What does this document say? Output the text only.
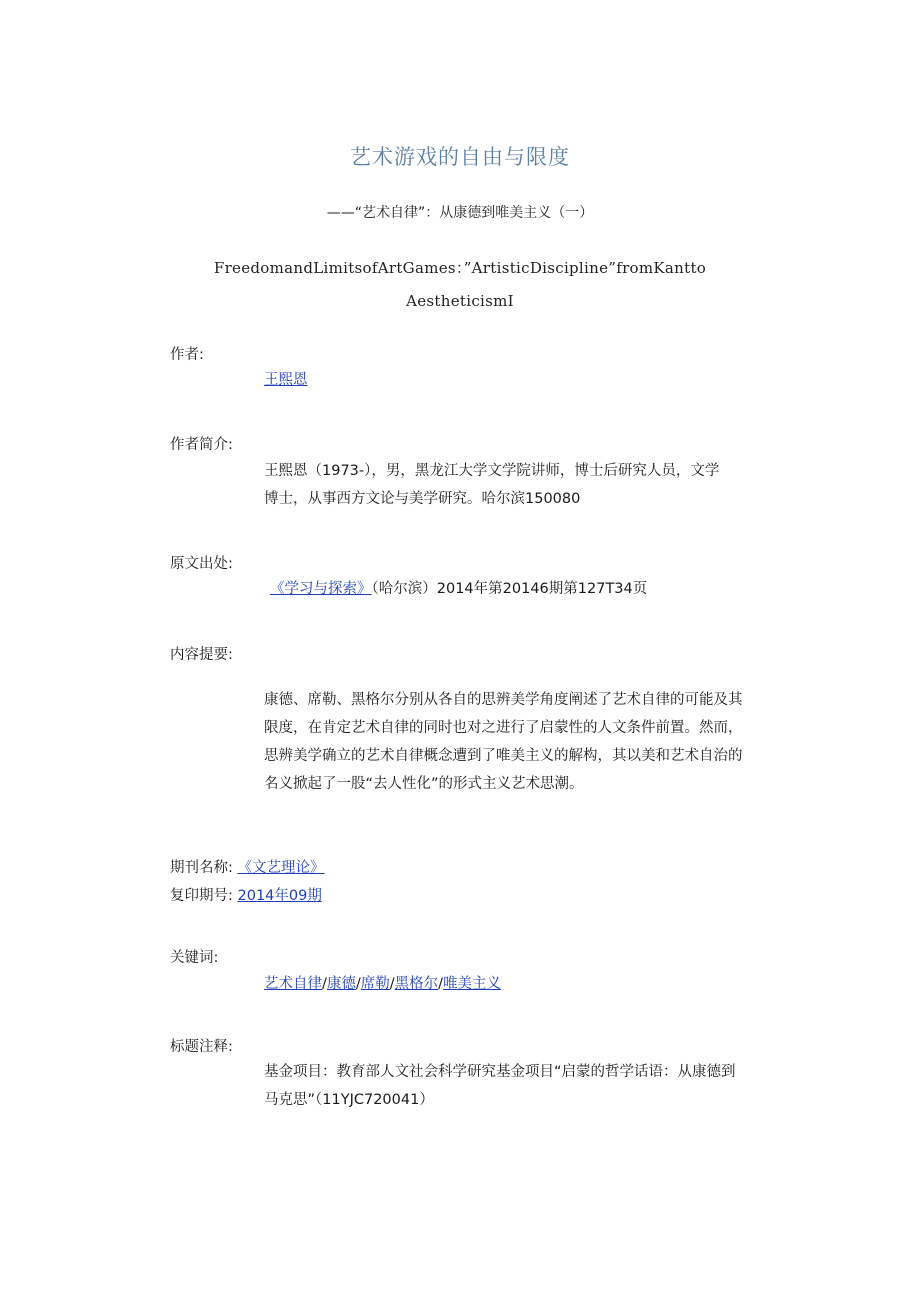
艺术游戏的自由与限度
——“艺术自律”：从康德到唯美主义（一）
FreedomandLimitsofArtGames：”ArtisticDiscipline”fromKantto
AestheticismI
作者:
王熙恩
作者简介:
王熙恩（1973-），男，黑龙江大学文学院讲师，博士后研究人员，文学
博士，从事西方文论与美学研究。哈尔滨150080
原文出处:
《学习与探索》（哈尔滨）2014年第20146期第127T34页
内容提要:
康德、席勒、黑格尔分别从各自的思辨美学角度阐述了艺术自律的可能及其
限度，在肯定艺术自律的同时也对之进行了启蒙性的人文条件前置。然而，
思辨美学确立的艺术自律概念遭到了唯美主义的解构，其以美和艺术自治的
名义掀起了一股“去人性化”的形式主义艺术思潮。
期刊名称: 《文艺理论》
复印期号: 2014年09期
关键词:
艺术自律/康德/席勒/黑格尔/唯美主义
标题注释:
基金项目：教育部人文社会科学研究基金项目“启蒙的哲学话语：从康德到
马克思”（11YJC720041）
